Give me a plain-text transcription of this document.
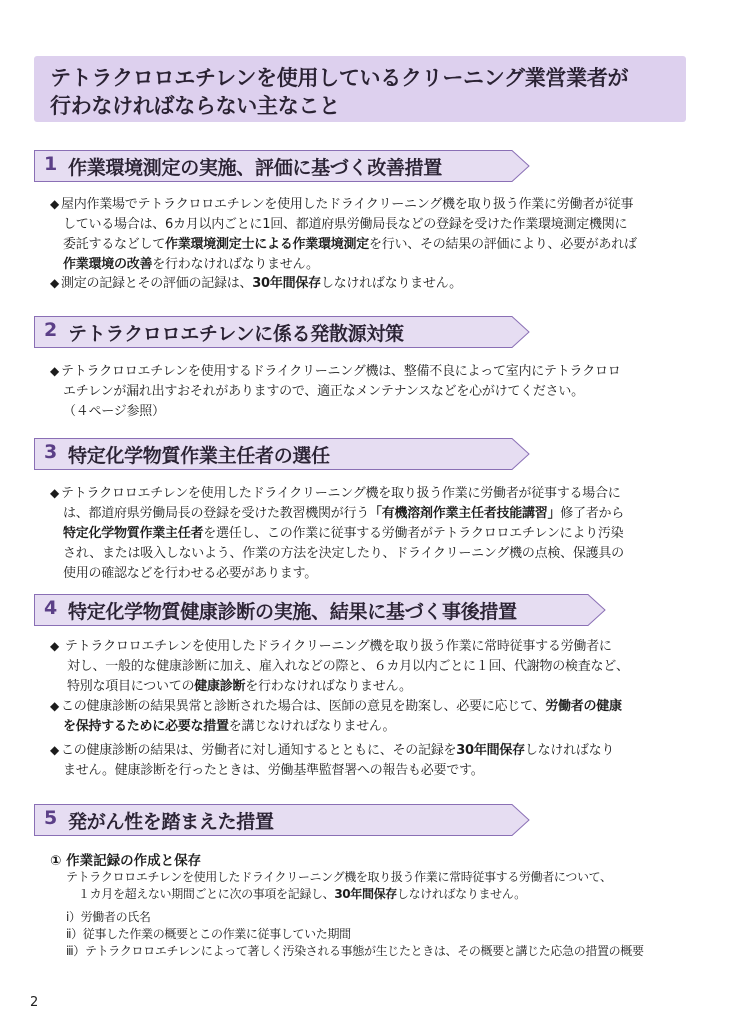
テトラクロロエチレンを使用しているクリーニング業営業者が
行わなければならない主なこと
1 作業環境測定の実施、評価に基づく改善措置
◆ 屋内作業場でテトラクロロエチレンを使用したドライクリーニング機を取り扱う作業に労働者が従事
している場合は、6カ月以内ごとに1回、都道府県労働局長などの登録を受けた作業環境測定機関に
委託するなどして作業環境測定士による作業環境測定を行い、その結果の評価により、必要があれば
作業環境の改善を行わなければなりません。
◆ 測定の記録とその評価の記録は、30年間保存しなければなりません。
2 テトラクロロエチレンに係る発散源対策
◆ テトラクロロエチレンを使用するドライクリーニング機は、整備不良によって室内にテトラクロロ
エチレンが漏れ出すおそれがありますので、適正なメンテナンスなどを心がけてください。
（４ページ参照）
3 特定化学物質作業主任者の選任
◆ テトラクロロエチレンを使用したドライクリーニング機を取り扱う作業に労働者が従事する場合に
は、都道府県労働局長の登録を受けた教習機関が行う「有機溶剤作業主任者技能講習」修了者から
特定化学物質作業主任者を選任し、この作業に従事する労働者がテトラクロロエチレンにより汚染
され、または吸入しないよう、作業の方法を決定したり、ドライクリーニング機の点検、保護具の
使用の確認などを行わせる必要があります。
4 特定化学物質健康診断の実施、結果に基づく事後措置
◆ テトラクロロエチレンを使用したドライクリーニング機を取り扱う作業に常時従事する労働者に
対し、一般的な健康診断に加え、雇入れなどの際と、６カ月以内ごとに１回、代謝物の検査など、
特別な項目についての健康診断を行わなければなりません。
◆ この健康診断の結果異常と診断された場合は、医師の意見を勘案し、必要に応じて、労働者の健康
を保持するために必要な措置を講じなければなりません。
◆ この健康診断の結果は、労働者に対し通知するとともに、その記録を30年間保存しなければなり
ません。健康診断を行ったときは、労働基準監督署への報告も必要です。
5 発がん性を踏まえた措置
① 作業記録の作成と保存
テトラクロロエチレンを使用したドライクリーニング機を取り扱う作業に常時従事する労働者について、
１カ月を超えない期間ごとに次の事項を記録し、30年間保存しなければなりません。
ⅰ）労働者の氏名
ⅱ）従事した作業の概要とこの作業に従事していた期間
ⅲ）テトラクロロエチレンによって著しく汚染される事態が生じたときは、その概要と講じた応急の措置の概要
2
